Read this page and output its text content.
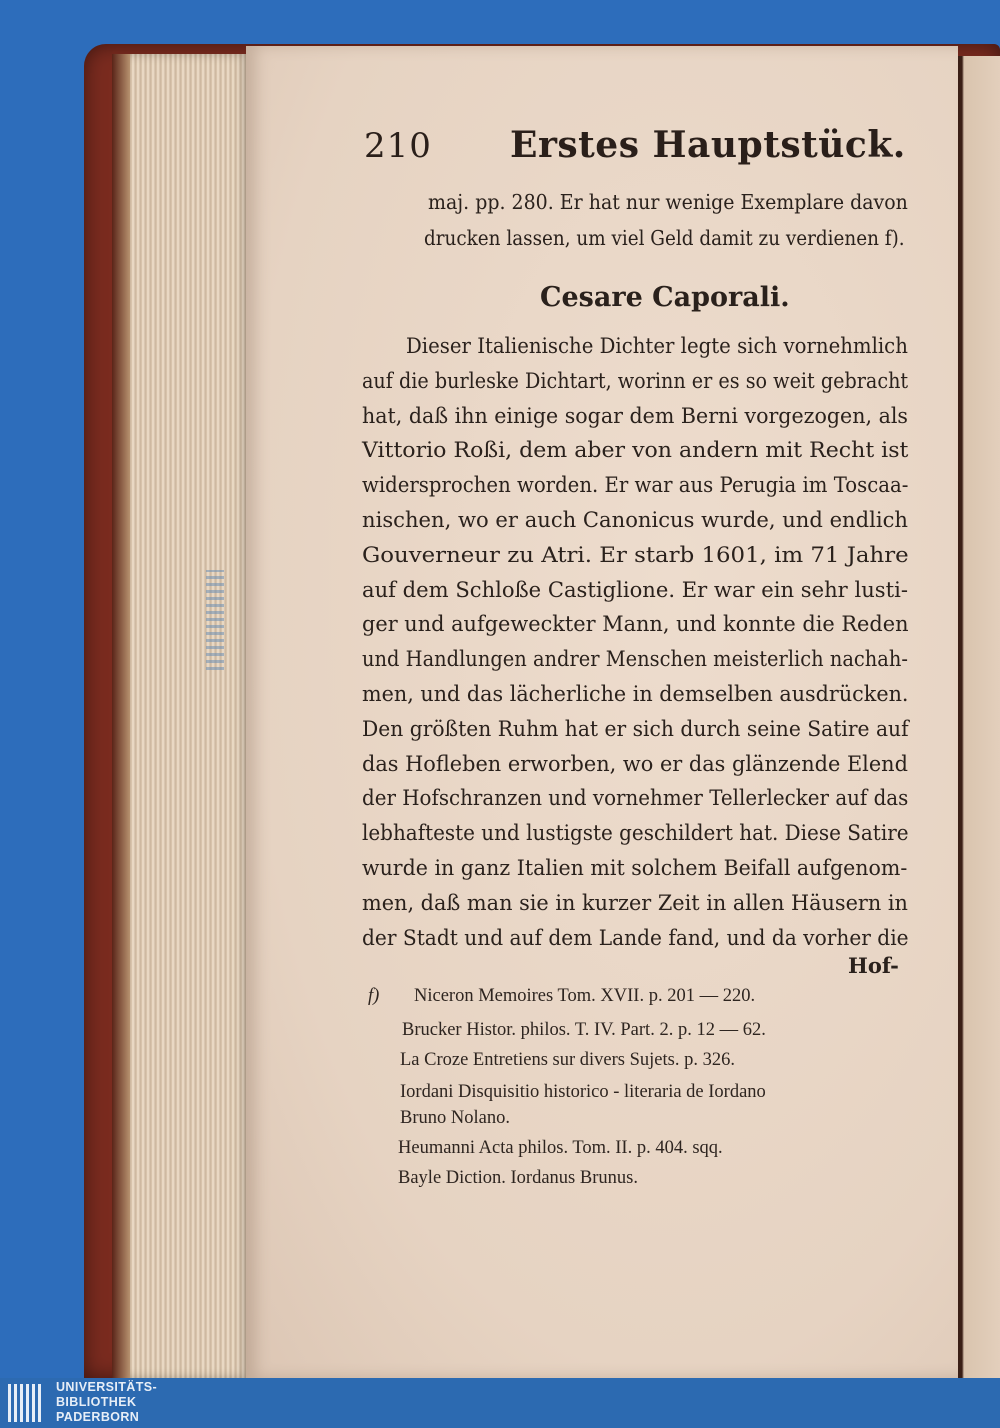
210 Erstes Hauptstück.
maj. pp. 280. Er hat nur wenige Exemplare davon
drucken lassen, um viel Geld damit zu verdienen f).
Cesare Caporali.
Dieser Italienische Dichter legte sich vornehmlich
auf die burleske Dichtart, worinn er es so weit gebracht
hat, daß ihn einige sogar dem Berni vorgezogen, als
Vittorio Roßi, dem aber von andern mit Recht ist
widersprochen worden. Er war aus Perugia im Toscaa-
nischen, wo er auch Canonicus wurde, und endlich
Gouverneur zu Atri. Er starb 1601, im 71 Jahre
auf dem Schloße Castiglione. Er war ein sehr lusti-
ger und aufgeweckter Mann, und konnte die Reden
und Handlungen andrer Menschen meisterlich nachah-
men, und das lächerliche in demselben ausdrücken.
Den größten Ruhm hat er sich durch seine Satire auf
das Hofleben erworben, wo er das glänzende Elend
der Hofschranzen und vornehmer Tellerlecker auf das
lebhafteste und lustigste geschildert hat. Diese Satire
wurde in ganz Italien mit solchem Beifall aufgenom-
men, daß man sie in kurzer Zeit in allen Häusern in
der Stadt und auf dem Lande fand, und da vorher die
Hof-
f) Niceron Memoires Tom. XVII. p. 201 — 220.
Brucker Histor. philos. T. IV. Part. 2. p. 12 — 62.
La Croze Entretiens sur divers Sujets. p. 326.
Iordani Disquisitio historico - literaria de Iordano
Bruno Nolano.
Heumanni Acta philos. Tom. II. p. 404. sqq.
Bayle Diction. Iordanus Brunus.
UNIVERSITÄTS-
BIBLIOTHEK
PADERBORN
